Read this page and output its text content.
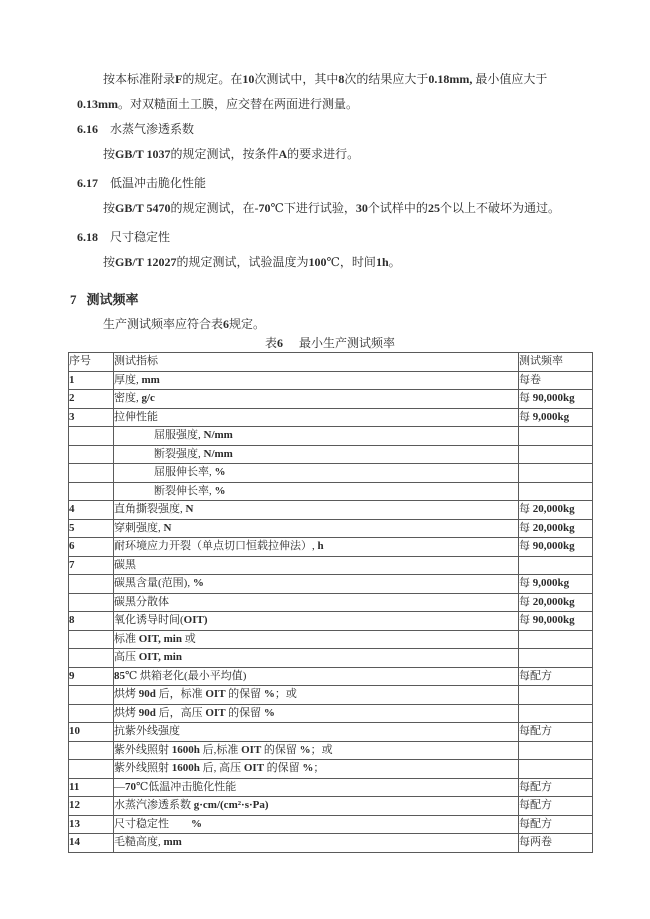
按本标准附录F的规定。在10次测试中，其中8次的结果应大于0.18mm, 最小值应大于
0.13mm。对双糙面土工膜，应交替在两面进行测量。
6.16 水蒸气渗透系数
按GB/T 1037的规定测试，按条件A的要求进行。
6.17 低温冲击脆化性能
按GB/T 5470的规定测试，在-70℃下进行试验，30个试样中的25个以上不破坏为通过。
6.18 尺寸稳定性
按GB/T 12027的规定测试，试验温度为100℃，时间1h。
7 测试频率
生产测试频率应符合表6规定。
表6 最小生产测试频率
序号	测试指标	测试频率
1	厚度, mm	每卷
2	密度, g/c	每 90,000kg
3	拉伸性能	每 9,000kg
	屈服强度, N/mm	
	断裂强度, N/mm	
	屈服伸长率, %	
	断裂伸长率, %	
4	直角撕裂强度, N	每 20,000kg
5	穿刺强度, N	每 20,000kg
6	耐环境应力开裂（单点切口恒载拉伸法）, h	每 90,000kg
7	碳黑	
	碳黑含量(范围), %	每 9,000kg
	碳黑分散体	每 20,000kg
8	氧化诱导时间(OIT)	每 90,000kg
	标准 OIT, min 或	
	高压 OIT, min	
9	85℃ 烘箱老化(最小平均值)	每配方
	烘烤 90d 后，标准 OIT 的保留 %；或	
	烘烤 90d 后，高压 OIT 的保留 %	
10	抗紫外线强度	每配方
	紫外线照射 1600h 后,标准 OIT 的保留 %；或	
	紫外线照射 1600h 后, 高压 OIT 的保留 %；	
11	—70℃低温冲击脆化性能	每配方
12	水蒸汽渗透系数 g·cm/(cm²·s·Pa)	每配方
13	尺寸稳定性　　%	每配方
14	毛糙高度, mm	每两卷
